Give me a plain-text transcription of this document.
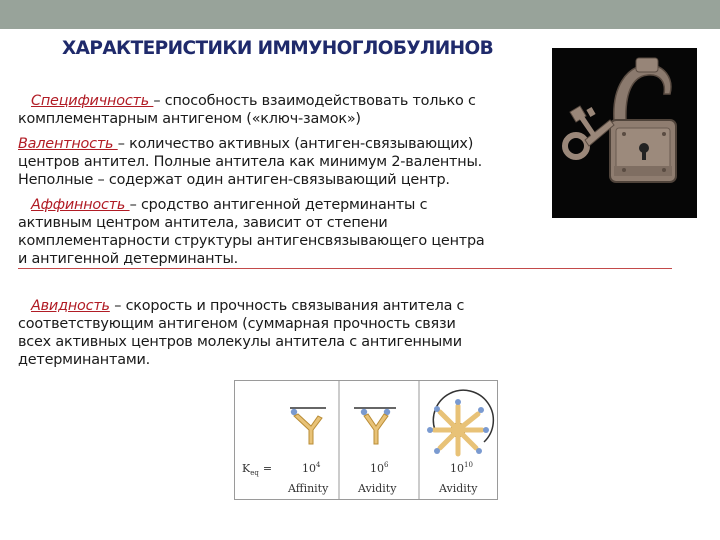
ХАРАКТЕРИСТИКИ ИММУНОГЛОБУЛИНОВ
Специфичность – способность взаимодействовать только с
комплементарным антигеном («ключ-замок»)
Валентность – количество активных (антиген-связывающих)
центров антител. Полные антитела как минимум 2-валентны.
Неполные – содержат один антиген-связывающий центр.
Аффинность – сродство антигенной детерминанты с
активным центром антитела, зависит от степени
комплементарности структуры антигенсвязывающего центра
и антигенной детерминанты.
Авидность – скорость и прочность связывания антитела с
соответствующим антигеном (суммарная прочность связи
всех активных центров молекулы антитела с антигенными
детерминантами.
$K_{eq}$ =	$10^4$
Affinity
$10^6$
Avidity
$10^{10}$
Avidity
